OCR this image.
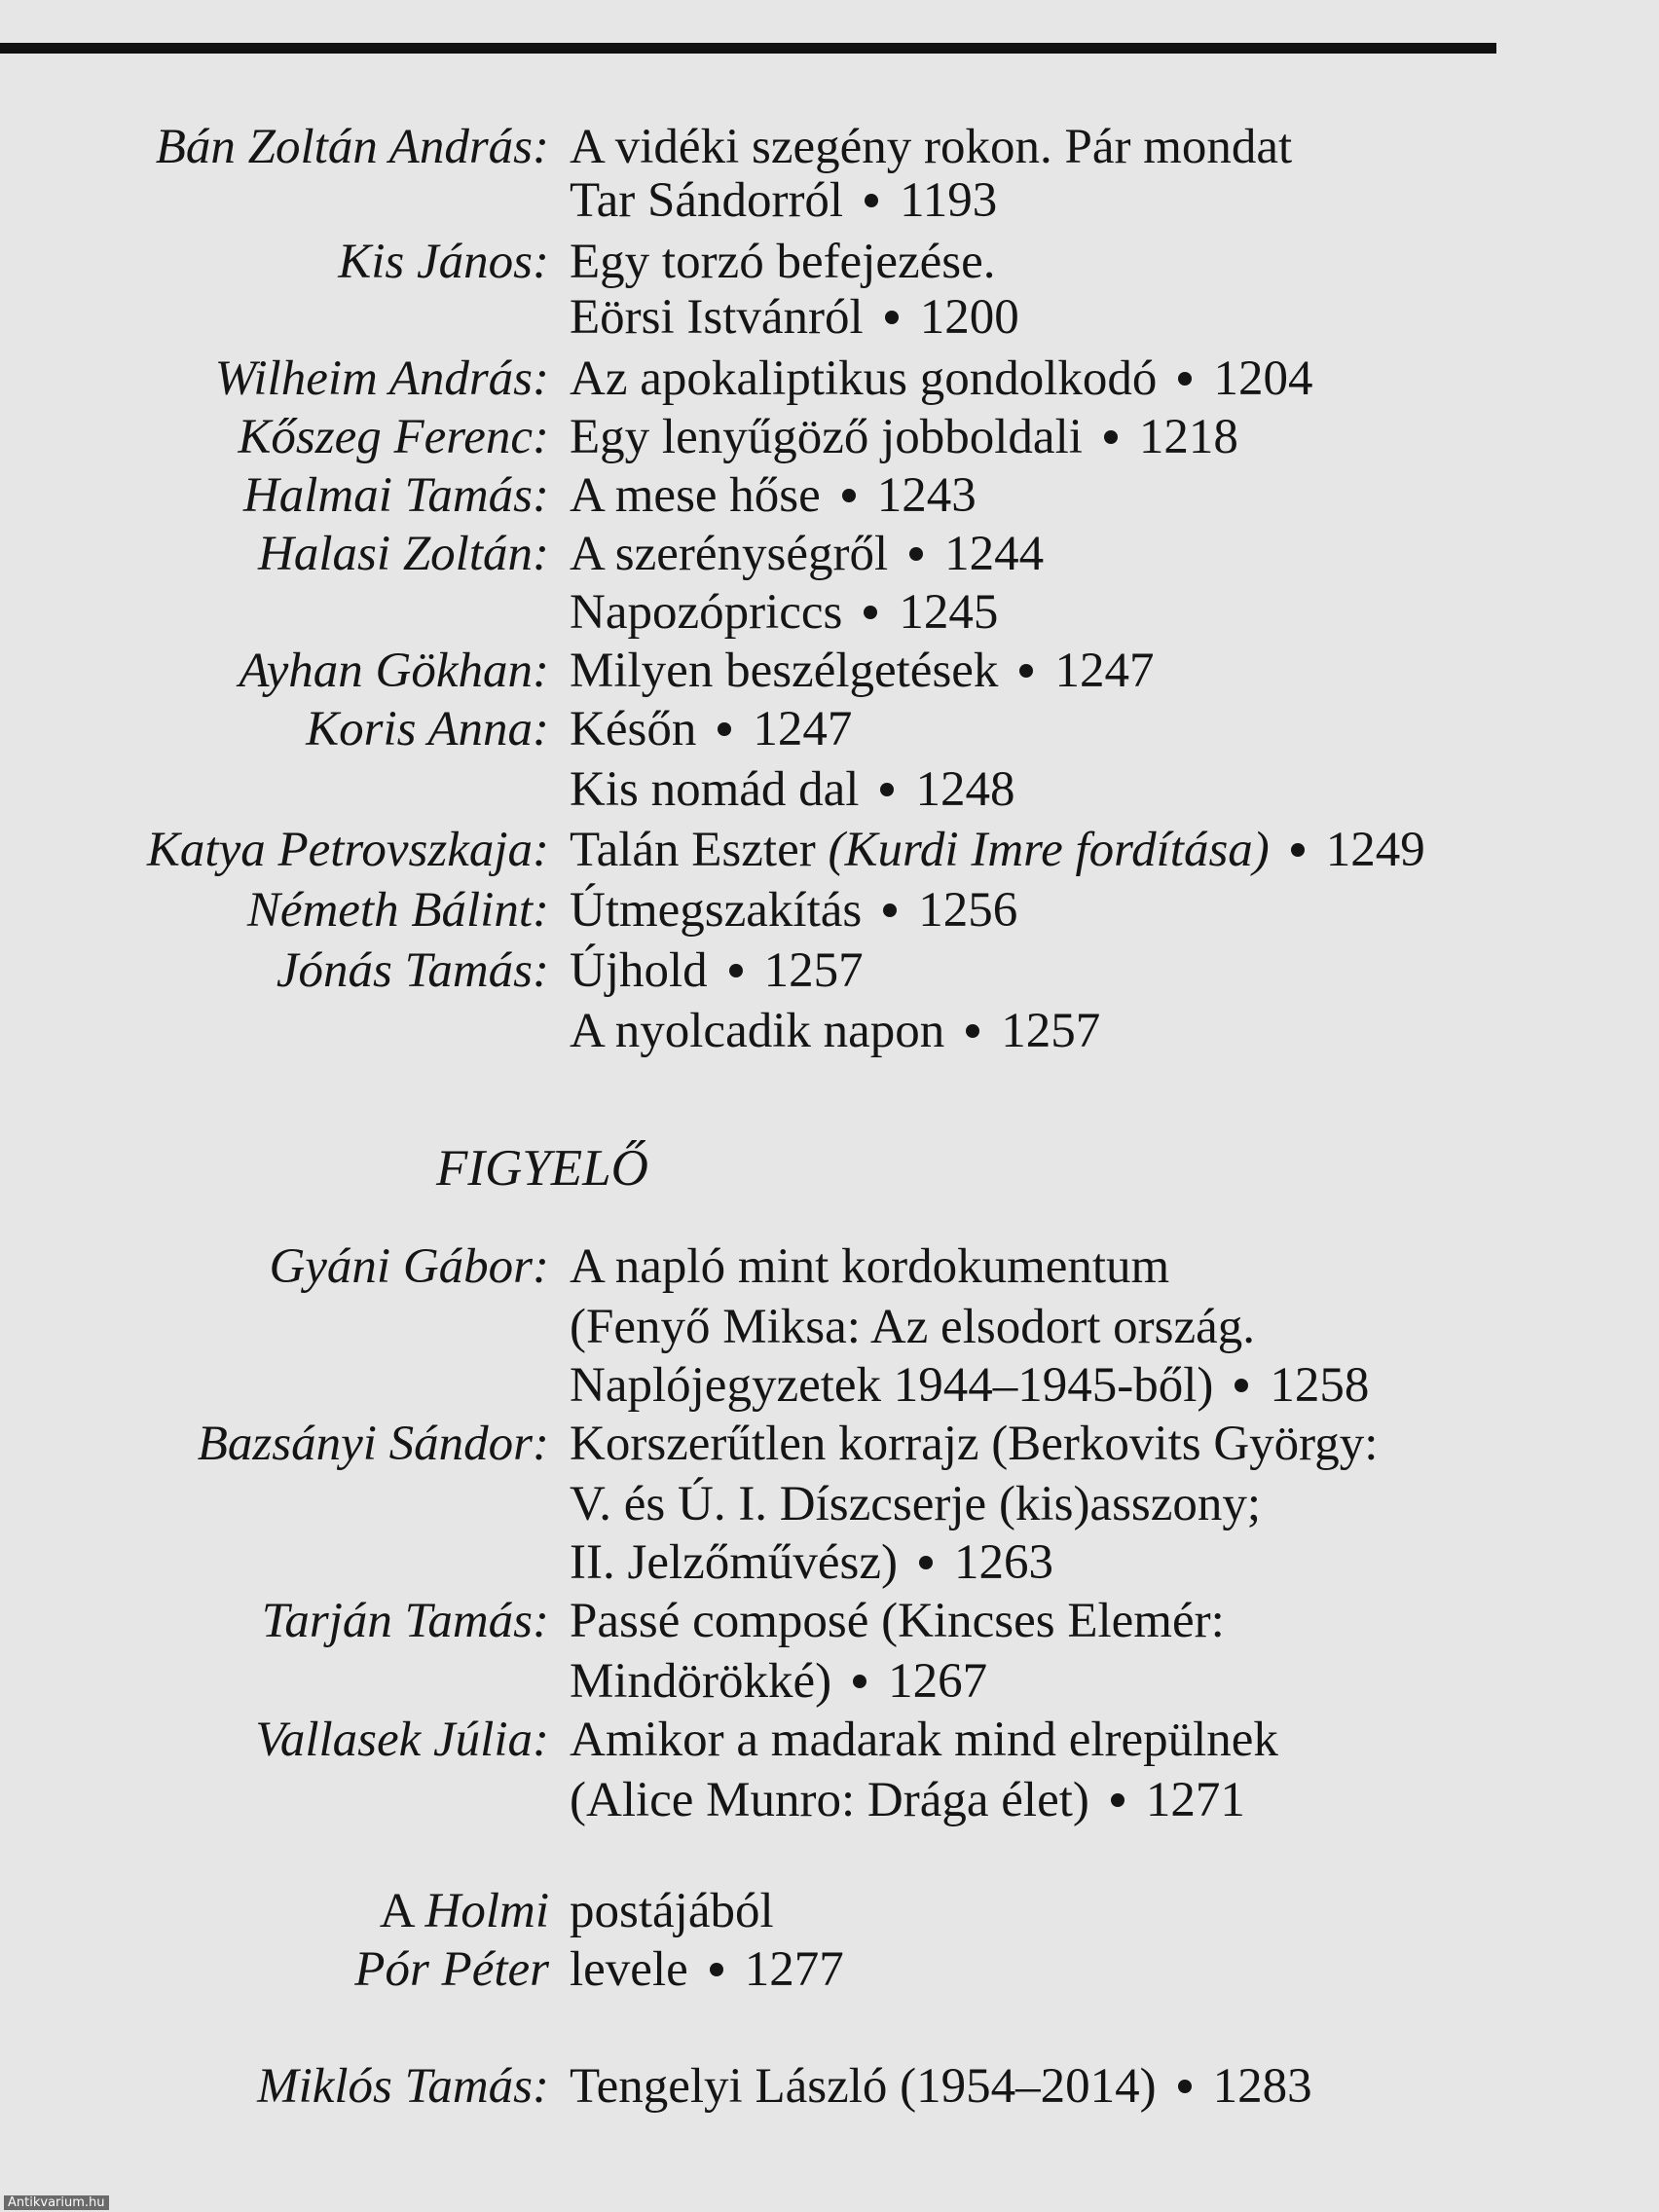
Bán Zoltán András: A vidéki szegény rokon. Pár mondat
Tar Sándorról 1193
Kis János: Egy torzó befejezése.
Eörsi Istvánról 1200
Wilheim András: Az apokaliptikus gondolkodó 1204
Kőszeg Ferenc: Egy lenyűgöző jobboldali 1218
Halmai Tamás: A mese hőse 1243
Halasi Zoltán: A szerénységről 1244
Napozópriccs 1245
Ayhan Gökhan: Milyen beszélgetések 1247
Koris Anna: Későn 1247
Kis nomád dal 1248
Katya Petrovszkaja: Talán Eszter (Kurdi Imre fordítása) 1249
Németh Bálint: Útmegszakítás 1256
Jónás Tamás: Újhold 1257
A nyolcadik napon 1257
FIGYELŐ
Gyáni Gábor: A napló mint kordokumentum
(Fenyő Miksa: Az elsodort ország.
Naplójegyzetek 1944–1945-ből) 1258
Bazsányi Sándor: Korszerűtlen korrajz (Berkovits György:
V. és Ú. I. Díszcserje (kis)asszony;
II. Jelzőművész) 1263
Tarján Tamás: Passé composé (Kincses Elemér:
Mindörökké) 1267
Vallasek Júlia: Amikor a madarak mind elrepülnek
(Alice Munro: Drága élet) 1271
A Holmi postájából
Pór Péter levele 1277
Miklós Tamás: Tengelyi László (1954–2014) 1283
Antikvarium.hu
